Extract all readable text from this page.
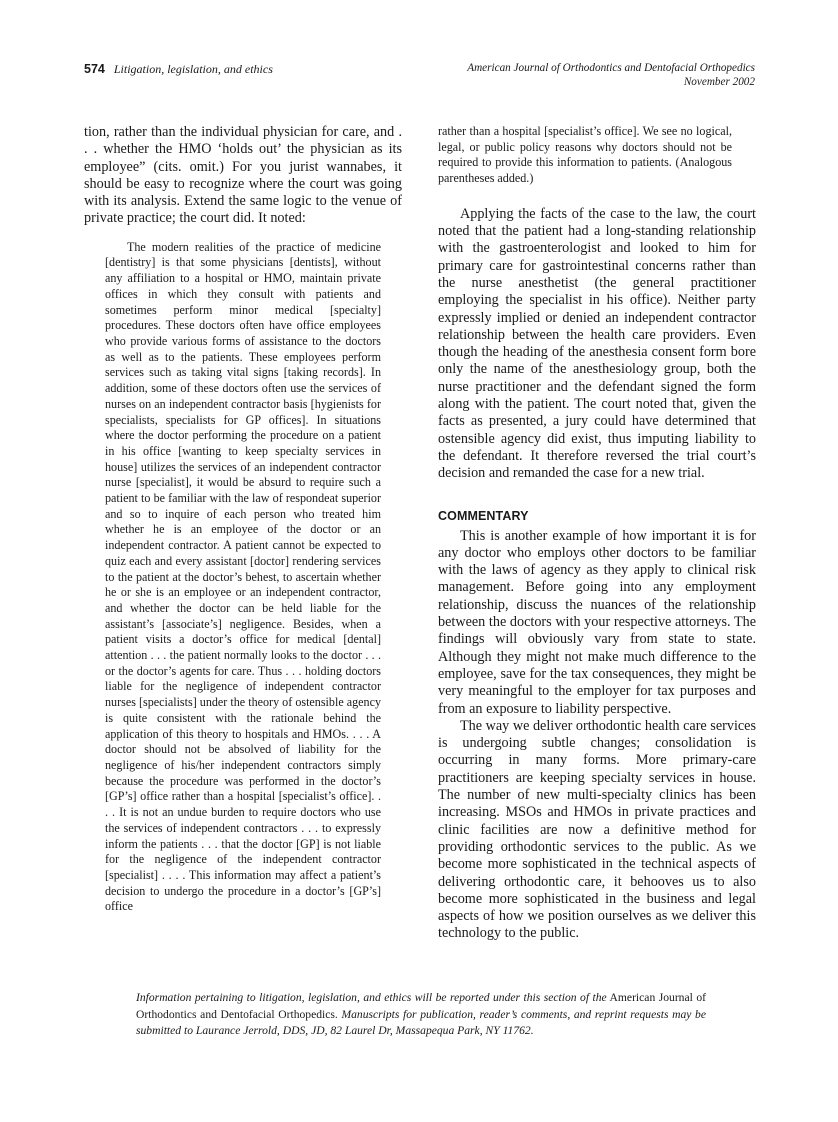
574 Litigation, legislation, and ethics	American Journal of Orthodontics and Dentofacial Orthopedics
November 2002

tion, rather than the individual physician for care, and . . . whether the HMO ‘holds out’ the physician as its employee” (cits. omit.) For you jurist wannabes, it should be easy to recognize where the court was going with its analysis. Extend the same logic to the venue of private practice; the court did. It noted:

The modern realities of the practice of medicine [dentistry] is that some physicians [dentists], without any affiliation to a hospital or HMO, maintain private offices in which they consult with patients and sometimes perform minor medical [specialty] procedures. These doctors often have office employees who provide various forms of assistance to the doctors as well as to the patients. These employees perform services such as taking vital signs [taking records]. In addition, some of these doctors often use the services of nurses on an independent contractor basis [hygienists for specialists, specialists for GP offices]. In situations where the doctor performing the procedure on a patient in his office [wanting to keep specialty services in house] utilizes the services of an independent contractor nurse [specialist], it would be absurd to require such a patient to be familiar with the law of respondeat superior and so to inquire of each person who treated him whether he is an employee of the doctor or an independent contractor. A patient cannot be expected to quiz each and every assistant [doctor] rendering services to the patient at the doctor’s behest, to ascertain whether he or she is an employee or an independent contractor, and whether the doctor can be held liable for the assistant’s [associate’s] negligence. Besides, when a patient visits a doctor’s office for medical [dental] attention . . . the patient normally looks to the doctor . . . or the doctor’s agents for care. Thus . . . holding doctors liable for the negligence of independent contractor nurses [specialists] under the theory of ostensible agency is quite consistent with the rationale behind the application of this theory to hospitals and HMOs. . . . A doctor should not be absolved of liability for the negligence of his/her independent contractors simply because the procedure was performed in the doctor’s [GP’s] office rather than a hospital [specialist’s office]. . . . It is not an undue burden to require doctors who use the services of independent contractors . . . to expressly inform the patients . . . that the doctor [GP] is not liable for the negligence of the independent contractor [specialist] . . . . This information may affect a patient’s decision to undergo the procedure in a doctor’s [GP’s] office

rather than a hospital [specialist’s office]. We see no logical, legal, or public policy reasons why doctors should not be required to provide this information to patients. (Analogous parentheses added.)

Applying the facts of the case to the law, the court noted that the patient had a long-standing relationship with the gastroenterologist and looked to him for primary care for gastrointestinal concerns rather than the nurse anesthetist (the general practitioner employing the specialist in his office). Neither party expressly implied or denied an independent contractor relationship between the health care providers. Even though the heading of the anesthesia consent form bore only the name of the anesthesiology group, both the nurse practitioner and the defendant signed the form along with the patient. The court noted that, given the facts as presented, a jury could have determined that ostensible agency did exist, thus imputing liability to the defendant. It therefore reversed the trial court’s decision and remanded the case for a new trial.

COMMENTARY

This is another example of how important it is for any doctor who employs other doctors to be familiar with the laws of agency as they apply to clinical risk management. Before going into any employment relationship, discuss the nuances of the relationship between the doctors with your respective attorneys. The findings will obviously vary from state to state. Although they might not make much difference to the employee, save for the tax consequences, they might be very meaningful to the employer for tax purposes and from an exposure to liability perspective.

The way we deliver orthodontic health care services is undergoing subtle changes; consolidation is occurring in many forms. More primary-care practitioners are keeping specialty services in house. The number of new multi-specialty clinics has been increasing. MSOs and HMOs in private practices and clinic facilities are now a definitive method for providing orthodontic services to the public. As we become more sophisticated in the technical aspects of delivering orthodontic care, it behooves us to also become more sophisticated in the business and legal aspects of how we position ourselves as we deliver this technology to the public.

Information pertaining to litigation, legislation, and ethics will be reported under this section of the American Journal of Orthodontics and Dentofacial Orthopedics. Manuscripts for publication, reader’s comments, and reprint requests may be submitted to Laurance Jerrold, DDS, JD, 82 Laurel Dr, Massapequa Park, NY 11762.
